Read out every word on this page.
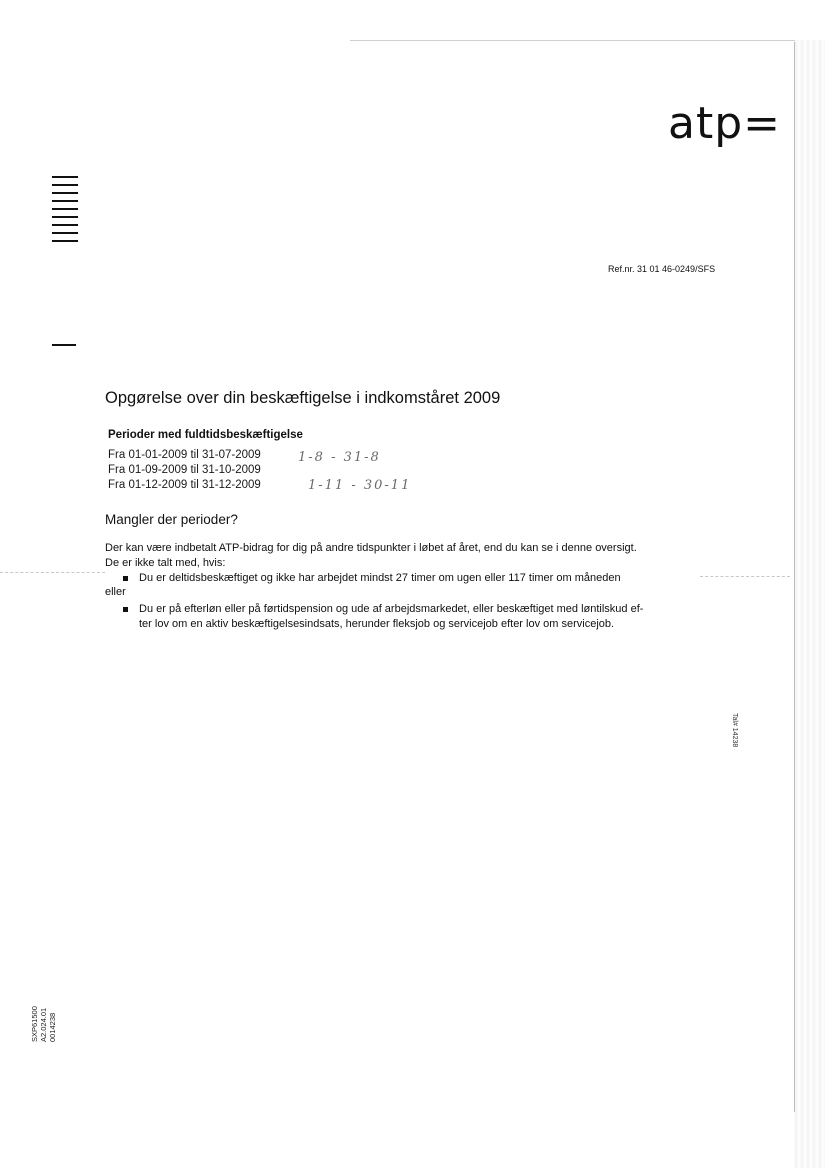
atp=
Ref.nr. 31 01 46-0249/SFS
Opgørelse over din beskæftigelse i indkomståret 2009
Perioder med fuldtidsbeskæftigelse
Fra 01-01-2009 til 31-07-2009
Fra 01-09-2009 til 31-10-2009
Fra 01-12-2009 til 31-12-2009
1-8 - 31-8
1-11 - 30-11
Mangler der perioder?
Der kan være indbetalt ATP-bidrag for dig på andre tidspunkter i løbet af året, end du kan se i denne oversigt.
De er ikke talt med, hvis:
Du er deltidsbeskæftiget og ikke har arbejdet mindst 27 timer om ugen eller 117 timer om måneden
eller
Du er på efterløn eller på førtidspension og ude af arbejdsmarkedet, eller beskæftiget med løntilskud ef-
ter lov om en aktiv beskæftigelsesindsats, herunder fleksjob og servicejob efter lov om servicejob.
Tal# 14238
SXP61500 A2.024.01 0014238
